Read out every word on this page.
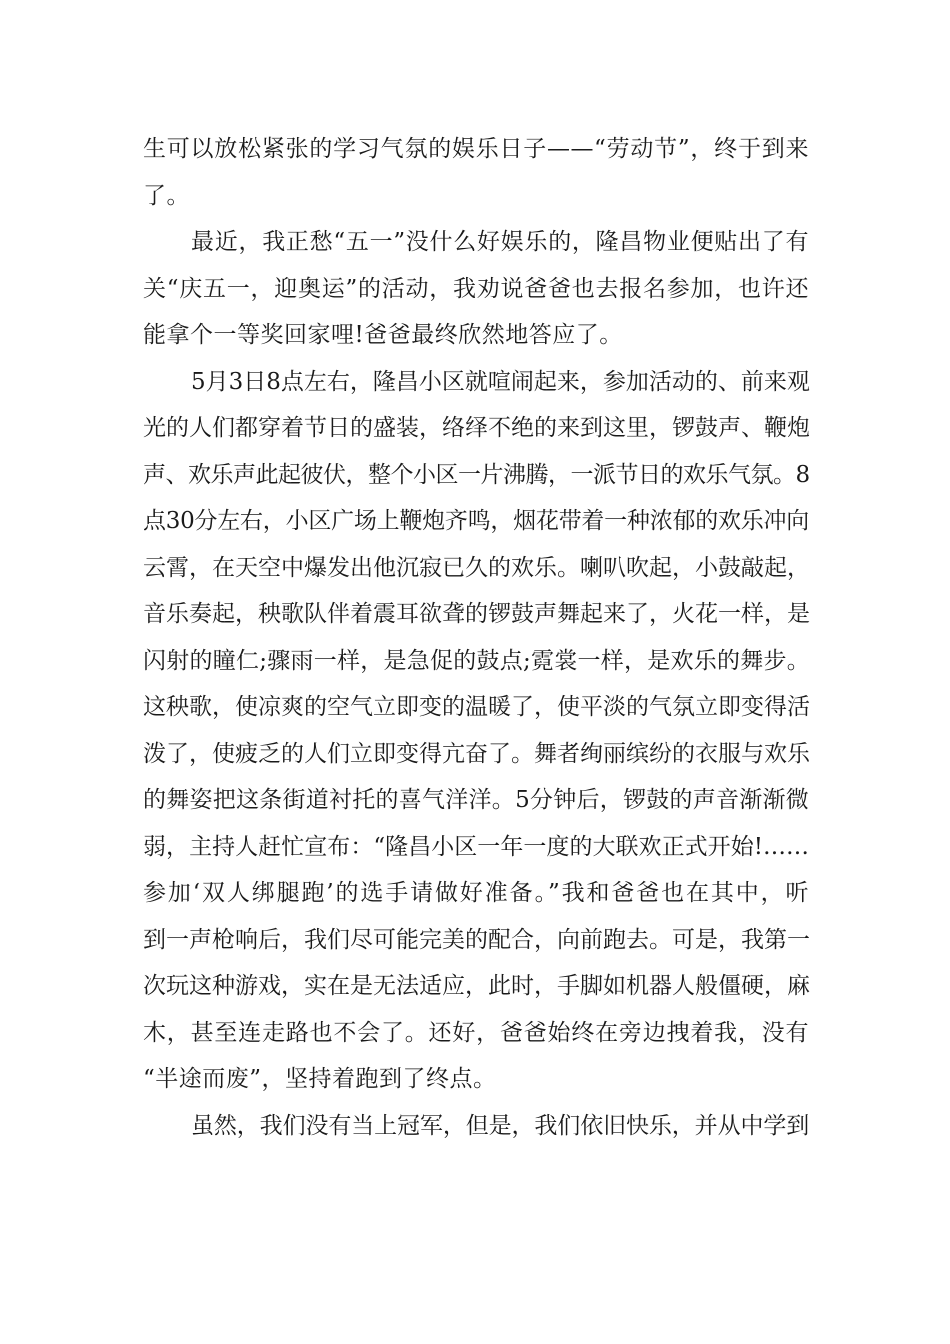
生可以放松紧张的学习气氛的娱乐日子——“劳动节”，终于到来
了。
最近，我正愁“五一”没什么好娱乐的，隆昌物业便贴出了有
关“庆五一，迎奥运”的活动，我劝说爸爸也去报名参加，也许还
能拿个一等奖回家哩!爸爸最终欣然地答应了。
5月3日8点左右，隆昌小区就喧闹起来，参加活动的、前来观
光的人们都穿着节日的盛装，络绎不绝的来到这里，锣鼓声、鞭炮
声、欢乐声此起彼伏，整个小区一片沸腾，一派节日的欢乐气氛。8
点30分左右，小区广场上鞭炮齐鸣，烟花带着一种浓郁的欢乐冲向
云霄，在天空中爆发出他沉寂已久的欢乐。喇叭吹起，小鼓敲起，
音乐奏起，秧歌队伴着震耳欲聋的锣鼓声舞起来了，火花一样，是
闪射的瞳仁;骤雨一样，是急促的鼓点;霓裳一样，是欢乐的舞步。
这秧歌，使凉爽的空气立即变的温暖了，使平淡的气氛立即变得活
泼了，使疲乏的人们立即变得亢奋了。舞者绚丽缤纷的衣服与欢乐
的舞姿把这条街道衬托的喜气洋洋。5分钟后，锣鼓的声音渐渐微
弱，主持人赶忙宣布：“隆昌小区一年一度的大联欢正式开始!……
参加‘双人绑腿跑’的选手请做好准备。”我和爸爸也在其中，听
到一声枪响后，我们尽可能完美的配合，向前跑去。可是，我第一
次玩这种游戏，实在是无法适应，此时，手脚如机器人般僵硬，麻
木，甚至连走路也不会了。还好，爸爸始终在旁边拽着我，没有
“半途而废”，坚持着跑到了终点。
虽然，我们没有当上冠军，但是，我们依旧快乐，并从中学到
